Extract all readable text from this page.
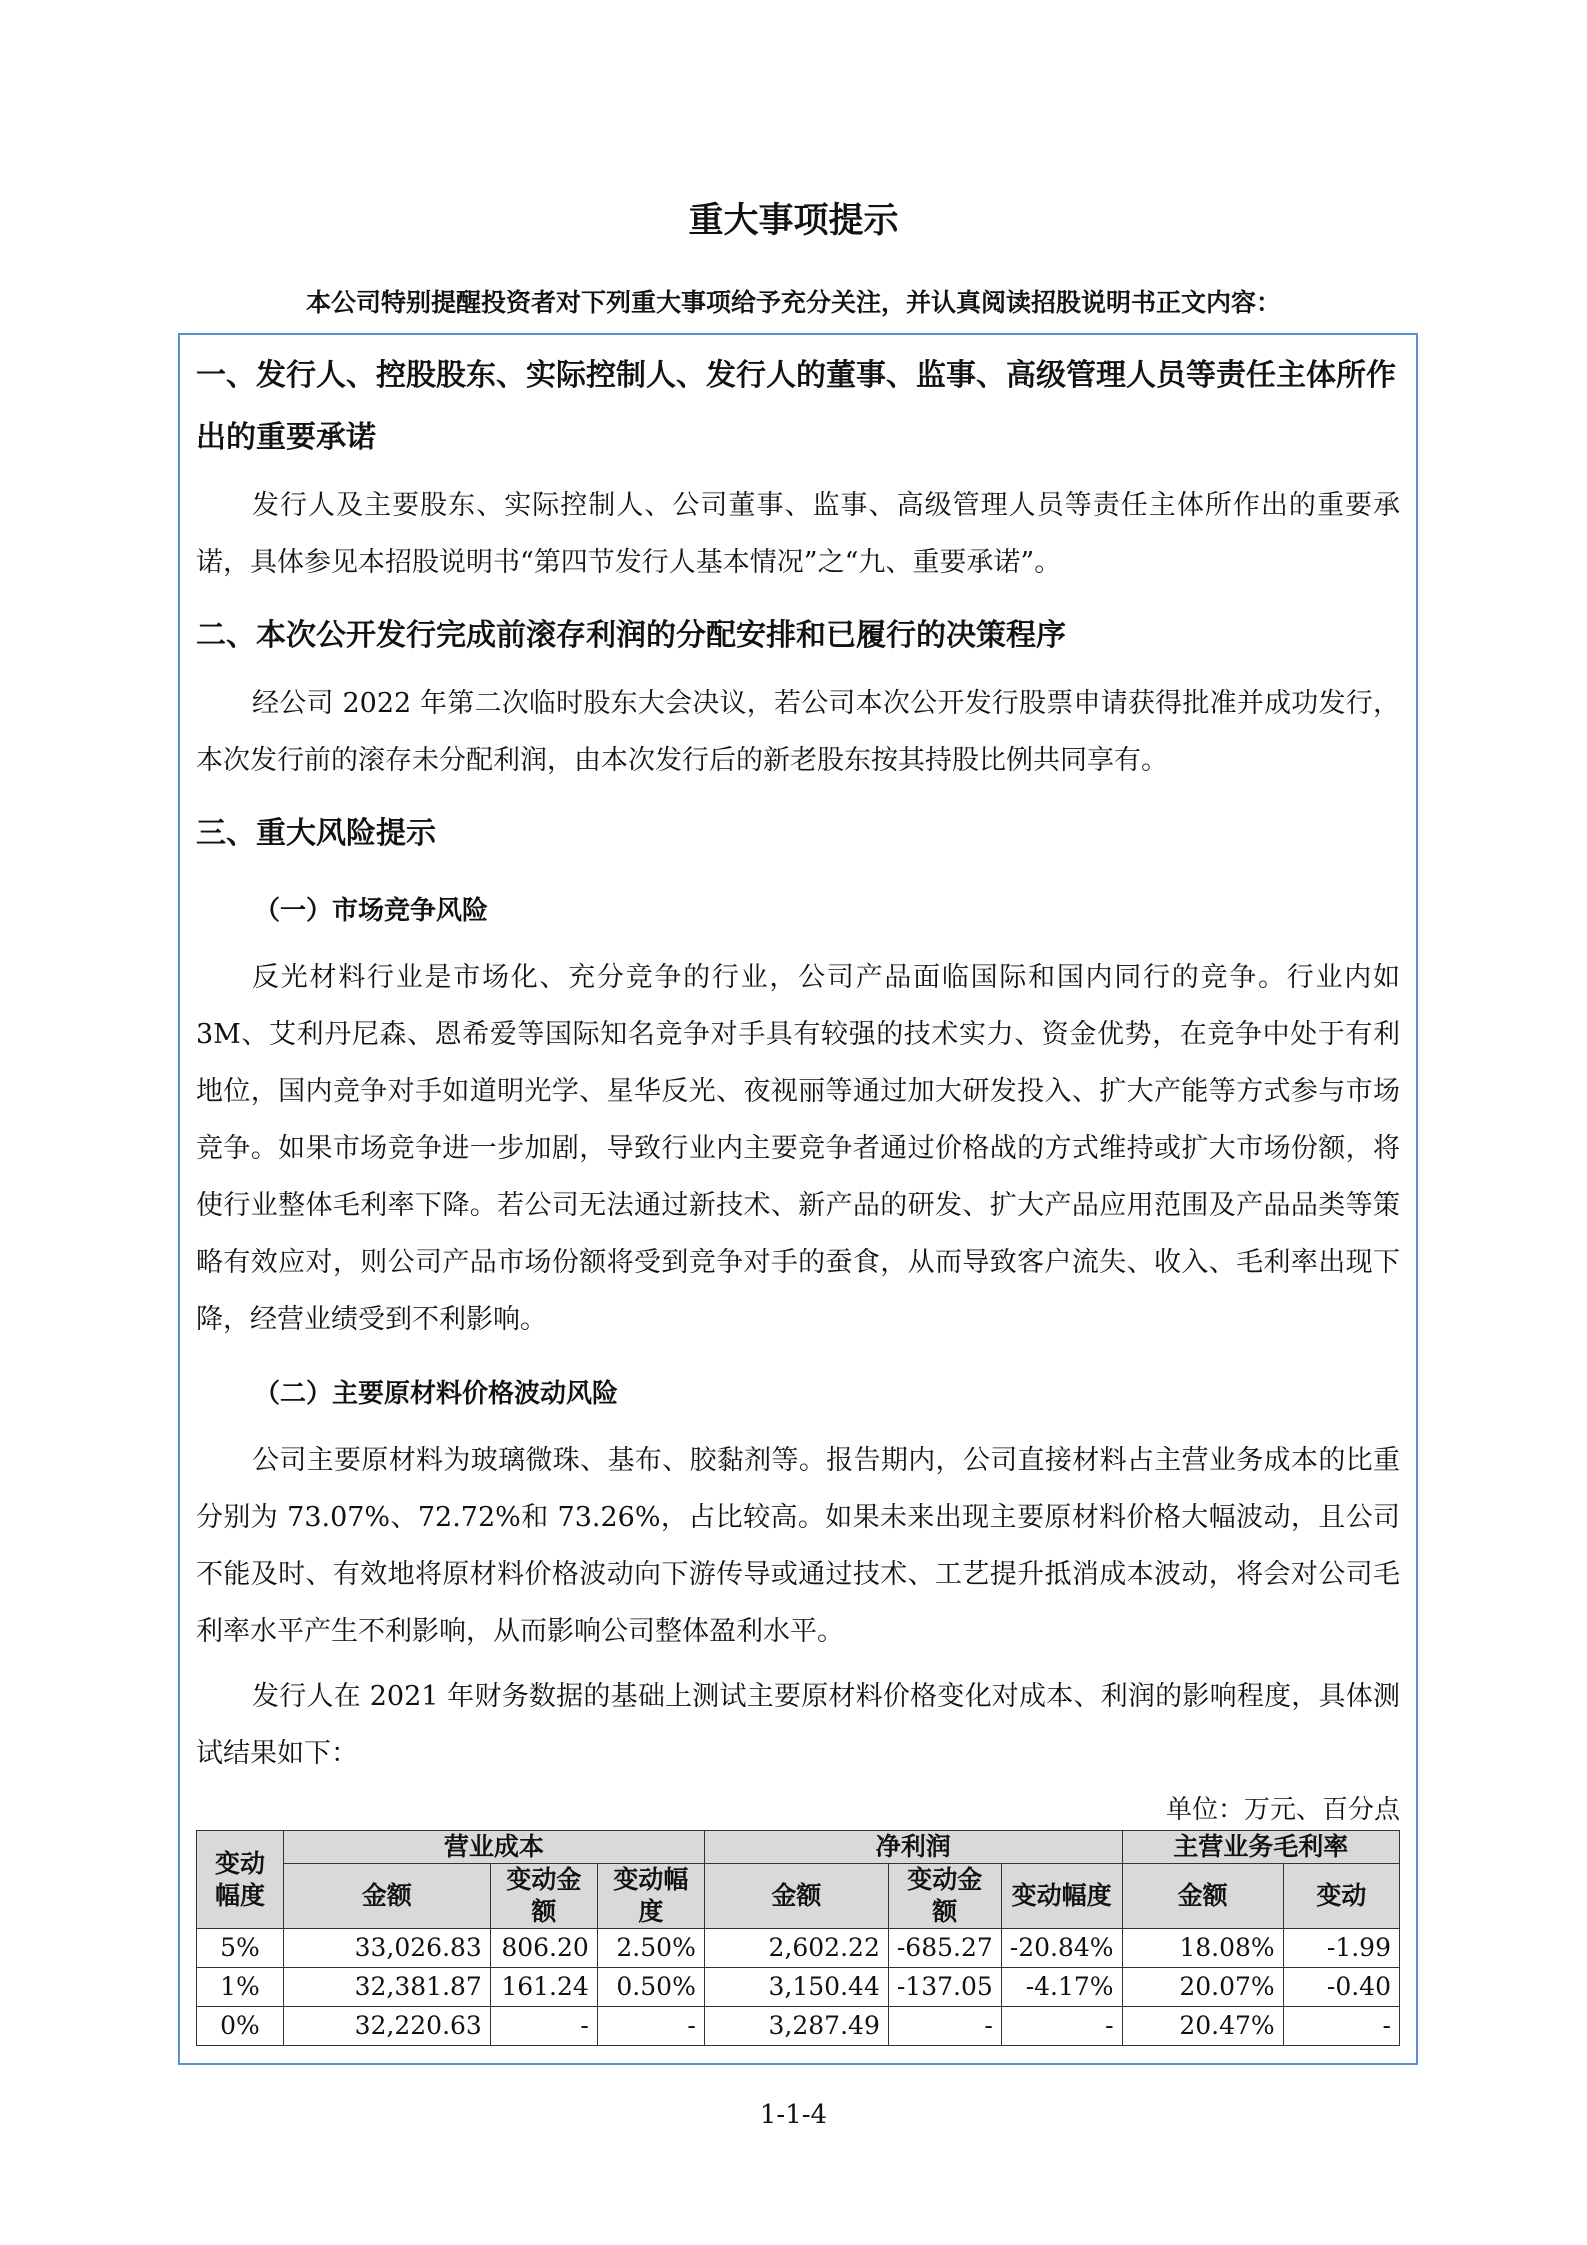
重大事项提示

本公司特别提醒投资者对下列重大事项给予充分关注，并认真阅读招股说明书正文内容：

一、发行人、控股股东、实际控制人、发行人的董事、监事、高级管理人员等责任主体所作出的重要承诺

发行人及主要股东、实际控制人、公司董事、监事、高级管理人员等责任主体所作出的重要承诺，具体参见本招股说明书“第四节发行人基本情况”之“九、重要承诺”。

二、本次公开发行完成前滚存利润的分配安排和已履行的决策程序

经公司 2022 年第二次临时股东大会决议，若公司本次公开发行股票申请获得批准并成功发行，本次发行前的滚存未分配利润，由本次发行后的新老股东按其持股比例共同享有。

三、重大风险提示

（一）市场竞争风险

反光材料行业是市场化、充分竞争的行业，公司产品面临国际和国内同行的竞争。行业内如3M、艾利丹尼森、恩希爱等国际知名竞争对手具有较强的技术实力、资金优势，在竞争中处于有利地位，国内竞争对手如道明光学、星华反光、夜视丽等通过加大研发投入、扩大产能等方式参与市场竞争。如果市场竞争进一步加剧，导致行业内主要竞争者通过价格战的方式维持或扩大市场份额，将使行业整体毛利率下降。若公司无法通过新技术、新产品的研发、扩大产品应用范围及产品品类等策略有效应对，则公司产品市场份额将受到竞争对手的蚕食，从而导致客户流失、收入、毛利率出现下降，经营业绩受到不利影响。

（二）主要原材料价格波动风险

公司主要原材料为玻璃微珠、基布、胶黏剂等。报告期内，公司直接材料占主营业务成本的比重分别为 73.07%、72.72%和 73.26%，占比较高。如果未来出现主要原材料价格大幅波动，且公司不能及时、有效地将原材料价格波动向下游传导或通过技术、工艺提升抵消成本波动，将会对公司毛利率水平产生不利影响，从而影响公司整体盈利水平。

发行人在 2021 年财务数据的基础上测试主要原材料价格变化对成本、利润的影响程度，具体测试结果如下：

单位：万元、百分点

变动幅度	营业成本			净利润			主营业务毛利率	
	金额	变动金额	变动幅度	金额	变动金额	变动幅度	金额	变动
5%	33,026.83	806.20	2.50%	2,602.22	-685.27	-20.84%	18.08%	-1.99
1%	32,381.87	161.24	0.50%	3,150.44	-137.05	-4.17%	20.07%	-0.40
0%	32,220.63	-	-	3,287.49	-	-	20.47%	-

1-1-4
